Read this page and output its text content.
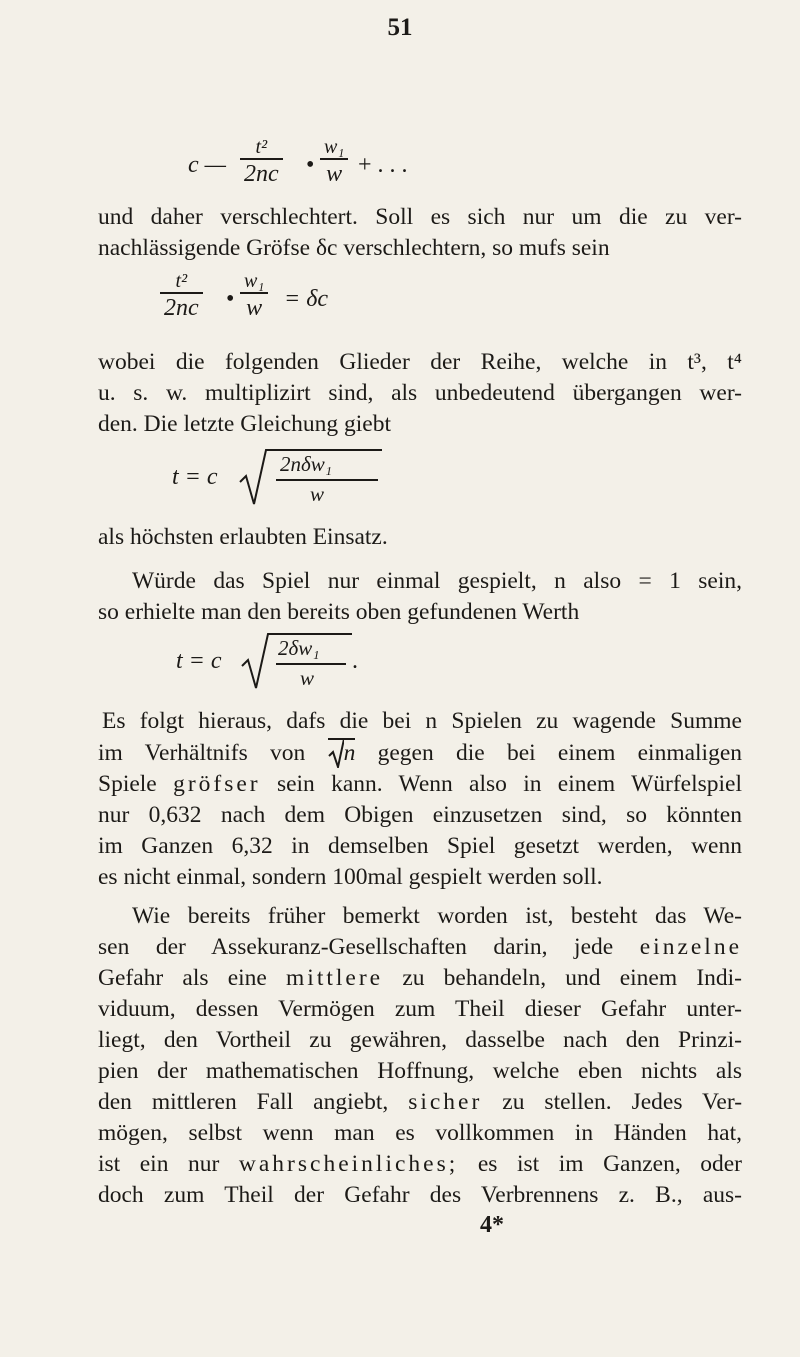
51
c —
t²
2nc •
w₁
w + . . .
und daher verschlechtert. Soll es sich nur um die zu ver-
nachlässigende Gröfse δc verschlechtern, so mufs sein
t²
2nc •
w₁
w = δc
wobei die folgenden Glieder der Reihe, welche in t³, t⁴
u. s. w. multiplizirt sind, als unbedeutend übergangen wer-
den. Die letzte Gleichung giebt
t = c	2nδw₁
w
als höchsten erlaubten Einsatz.
Würde das Spiel nur einmal gespielt, n also = 1 sein,
so erhielte man den bereits oben gefundenen Werth
t = c	2δw₁
w
.
Es folgt hieraus, dafs die bei n Spielen zu wagende Summe
im Verhältnifs von n gegen die bei einem einmaligen
Spiele gröfser sein kann. Wenn also in einem Würfelspiel
nur 0,632 nach dem Obigen einzusetzen sind, so könnten
im Ganzen 6,32 in demselben Spiel gesetzt werden, wenn
es nicht einmal, sondern 100mal gespielt werden soll.
Wie bereits früher bemerkt worden ist, besteht das We-
sen der Assekuranz-Gesellschaften darin, jede einzelne
Gefahr als eine mittlere zu behandeln, und einem Indi-
viduum, dessen Vermögen zum Theil dieser Gefahr unter-
liegt, den Vortheil zu gewähren, dasselbe nach den Prinzi-
pien der mathematischen Hoffnung, welche eben nichts als
den mittleren Fall angiebt, sicher zu stellen. Jedes Ver-
mögen, selbst wenn man es vollkommen in Händen hat,
ist ein nur wahrscheinliches; es ist im Ganzen, oder
doch zum Theil der Gefahr des Verbrennens z. B., aus-
4*
